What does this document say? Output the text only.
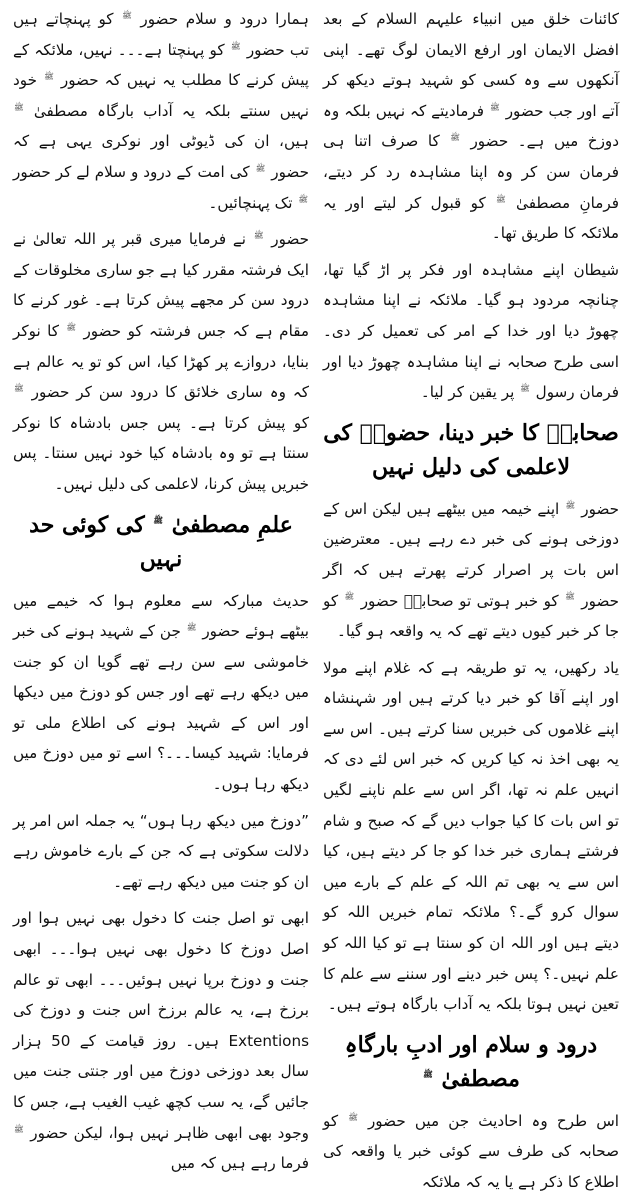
کائنات خلق میں انبیاء علیہم السلام کے بعد افضل الایمان اور ارفع الایمان لوگ تھے۔ اپنی آنکھوں سے وہ کسی کو شہید ہوتے دیکھ کر آتے اور جب حضور ﷺ فرمادیتے کہ نہیں بلکہ وہ دوزخ میں ہے۔ حضور ﷺ کا صرف اتنا ہی فرمان سن کر وہ اپنا مشاہدہ رد کر دیتے، فرمانِ مصطفیٰ ﷺ کو قبول کر لیتے اور یہ ملائکہ کا طریق تھا۔

شیطان اپنے مشاہدہ اور فکر پر اڑ گیا تھا، چنانچہ مردود ہو گیا۔ ملائکہ نے اپنا مشاہدہ چھوڑ دیا اور خدا کے امر کی تعمیل کر دی۔ اسی طرح صحابہ نے اپنا مشاہدہ چھوڑ دیا اور فرمان رسول ﷺ پر یقین کر لیا۔

صحابہؓ کا خبر دینا، حضورؐ کی لاعلمی کی دلیل نہیں

حضور ﷺ اپنے خیمہ میں بیٹھے ہیں لیکن اس کے دوزخی ہونے کی خبر دے رہے ہیں۔ معترضین اس بات پر اصرار کرتے پھرتے ہیں کہ اگر حضور ﷺ کو خبر ہوتی تو صحابہؓ حضور ﷺ کو جا کر خبر کیوں دیتے تھے کہ یہ واقعہ ہو گیا۔

یاد رکھیں، یہ تو طریقہ ہے کہ غلام اپنے مولا اور اپنے آقا کو خبر دیا کرتے ہیں اور شہنشاہ اپنے غلاموں کی خبریں سنا کرتے ہیں۔ اس سے یہ بھی اخذ نہ کیا کریں کہ خبر اس لئے دی کہ انہیں علم نہ تھا، اگر اس سے علم ناپنے لگیں تو اس بات کا کیا جواب دیں گے کہ صبح و شام فرشتے ہماری خبر خدا کو جا کر دیتے ہیں، کیا اس سے یہ بھی تم اللہ کے علم کے بارے میں سوال کرو گے۔؟ ملائکہ تمام خبریں اللہ کو دیتے ہیں اور اللہ ان کو سنتا ہے تو کیا اللہ کو علم نہیں۔؟ پس خبر دینے اور سننے سے علم کا تعین نہیں ہوتا بلکہ یہ آداب بارگاہ ہوتے ہیں۔

درود و سلام اور ادبِ بارگاہِ مصطفیٰ ﷺ

اس طرح وہ احادیث جن میں حضور ﷺ کو صحابہ کی طرف سے کوئی خبر یا واقعہ کی اطلاع کا ذکر ہے یا یہ کہ ملائکہ

ہمارا درود و سلام حضور ﷺ کو پہنچاتے ہیں تب حضور ﷺ کو پہنچتا ہے۔۔۔ نہیں، ملائکہ کے پیش کرنے کا مطلب یہ نہیں کہ حضور ﷺ خود نہیں سنتے بلکہ یہ آداب بارگاہ مصطفیٰ ﷺ ہیں، ان کی ڈیوٹی اور نوکری یہی ہے کہ حضور ﷺ کی امت کے درود و سلام لے کر حضور ﷺ تک پہنچائیں۔

حضور ﷺ نے فرمایا میری قبر پر اللہ تعالیٰ نے ایک فرشتہ مقرر کیا ہے جو ساری مخلوقات کے درود سن کر مجھے پیش کرتا ہے۔ غور کرنے کا مقام ہے کہ جس فرشتہ کو حضور ﷺ کا نوکر بنایا، دروازے پر کھڑا کیا، اس کو تو یہ عالم ہے کہ وہ ساری خلائق کا درود سن کر حضور ﷺ کو پیش کرتا ہے۔ پس جس بادشاہ کا نوکر سنتا ہے تو وہ بادشاہ کیا خود نہیں سنتا۔ پس خبریں پیش کرنا، لاعلمی کی دلیل نہیں۔

علمِ مصطفیٰ ﷺ کی کوئی حد نہیں

حدیث مبارکہ سے معلوم ہوا کہ خیمے میں بیٹھے ہوئے حضور ﷺ جن کے شہید ہونے کی خبر خاموشی سے سن رہے تھے گویا ان کو جنت میں دیکھ رہے تھے اور جس کو دوزخ میں دیکھا اور اس کے شہید ہونے کی اطلاع ملی تو فرمایا: شہید کیسا۔۔۔؟ اسے تو میں دوزخ میں دیکھ رہا ہوں۔

”دوزخ میں دیکھ رہا ہوں“ یہ جملہ اس امر پر دلالت سکوتی ہے کہ جن کے بارے خاموش رہے ان کو جنت میں دیکھ رہے تھے۔

ابھی تو اصل جنت کا دخول بھی نہیں ہوا اور اصل دوزخ کا دخول بھی نہیں ہوا۔۔۔ ابھی جنت و دوزخ برپا نہیں ہوئیں۔۔۔ ابھی تو عالم برزخ ہے، یہ عالم برزخ اس جنت و دوزخ کی Extentions ہیں۔ روز قیامت کے 50 ہزار سال بعد دوزخی دوزخ میں اور جنتی جنت میں جائیں گے، یہ سب کچھ غیب الغیب ہے، جس کا وجود بھی ابھی ظاہر نہیں ہوا، لیکن حضور ﷺ فرما رہے ہیں کہ میں
